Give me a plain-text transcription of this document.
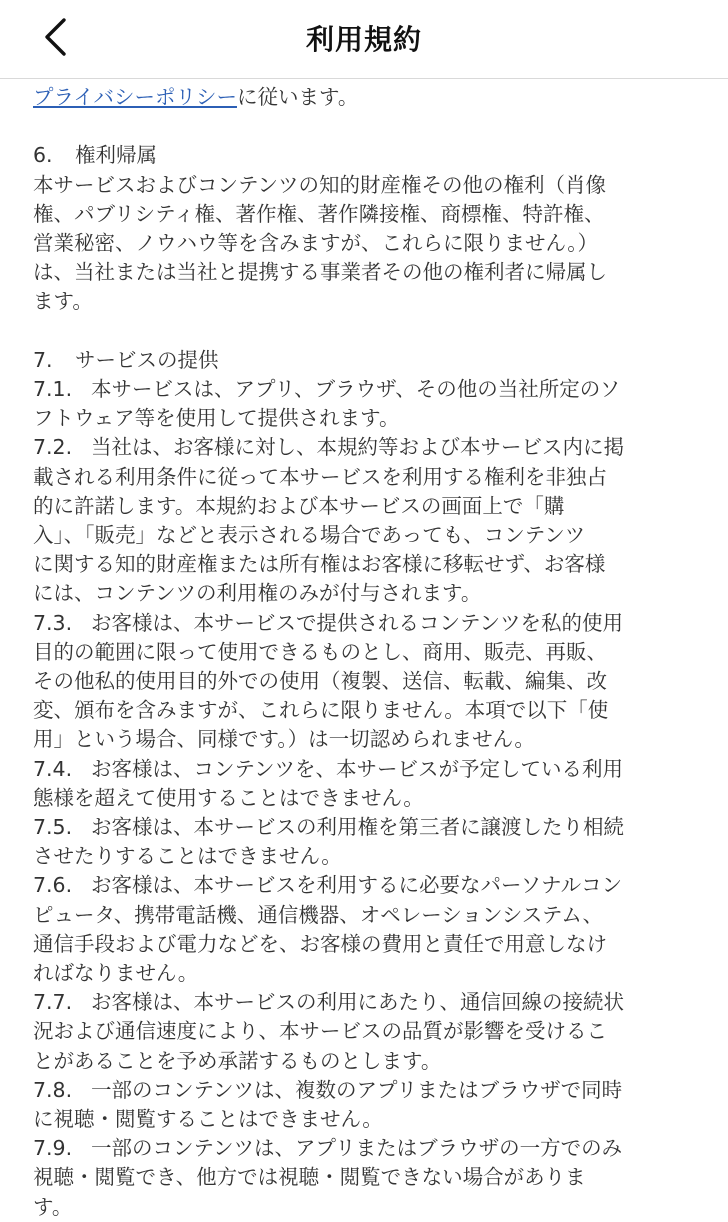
利用規約

プライバシーポリシーに従います。

6. 権利帰属

本サービスおよびコンテンツの知的財産権その他の権利（肖像
権、パブリシティ権、著作権、著作隣接権、商標権、特許権、
営業秘密、ノウハウ等を含みますが、これらに限りません。）
は、当社または当社と提携する事業者その他の権利者に帰属し
ます。

7. サービスの提供

7.1. 本サービスは、アプリ、ブラウザ、その他の当社所定のソ
フトウェア等を使用して提供されます。
7.2. 当社は、お客様に対し、本規約等および本サービス内に掲
載される利用条件に従って本サービスを利用する権利を非独占
的に許諾します。本規約および本サービスの画面上で「購
入」、「販売」などと表示される場合であっても、コンテンツ
に関する知的財産権または所有権はお客様に移転せず、お客様
には、コンテンツの利用権のみが付与されます。
7.3. お客様は、本サービスで提供されるコンテンツを私的使用
目的の範囲に限って使用できるものとし、商用、販売、再販、
その他私的使用目的外での使用（複製、送信、転載、編集、改
変、頒布を含みますが、これらに限りません。本項で以下「使
用」という場合、同様です。）は一切認められません。
7.4. お客様は、コンテンツを、本サービスが予定している利用
態様を超えて使用することはできません。
7.5. お客様は、本サービスの利用権を第三者に譲渡したり相続
させたりすることはできません。
7.6. お客様は、本サービスを利用するに必要なパーソナルコン
ピュータ、携帯電話機、通信機器、オペレーションシステム、
通信手段および電力などを、お客様の費用と責任で用意しなけ
ればなりません。
7.7. お客様は、本サービスの利用にあたり、通信回線の接続状
況および通信速度により、本サービスの品質が影響を受けるこ
とがあることを予め承諾するものとします。
7.8. 一部のコンテンツは、複数のアプリまたはブラウザで同時
に視聴・閲覧することはできません。
7.9. 一部のコンテンツは、アプリまたはブラウザの一方でのみ
視聴・閲覧でき、他方では視聴・閲覧できない場合がありま
す。
